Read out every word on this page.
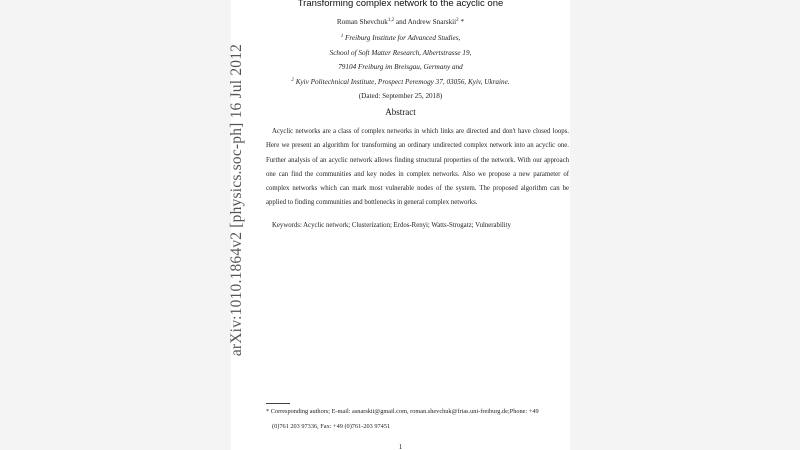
arXiv:1010.1864v2 [physics.soc-ph] 16 Jul 2012
Transforming complex network to the acyclic one
Roman Shevchuk$^{1,2}$ and Andrew Snarskii$^2$ *
$^1$ Freiburg Institute for Advanced Studies,
School of Soft Matter Research, Albertstrasse 19,
79104 Freiburg im Breisgau, Germany and
$^2$ Kyiv Politechnical Institute, Prospect Peremogy 37, 03056, Kyiv, Ukraine.
(Dated: September 25, 2018)
Abstract
Acyclic networks are a class of complex networks in which links are directed and don't have closed loops. Here we present an algorithm for transforming an ordinary undirected complex network into an acyclic one. Further analysis of an acyclic network allows finding structural properties of the network. With our approach one can find the communities and key nodes in complex networks. Also we propose a new parameter of complex networks which can mark most vulnerable nodes of the system. The proposed algorithm can be applied to finding communities and bottlenecks in general complex networks.
Keywords: Acyclic network; Clusterization; Erdos-Renyi; Watts-Strogatz; Vulnerability
* Corresponding authors; E-mail: asnarskii@gmail.com, roman.shevchuk@frias.uni-freiburg.de;Phone: +49
(0)761 203 97336, Fax: +49 (0)761-203 97451
1
